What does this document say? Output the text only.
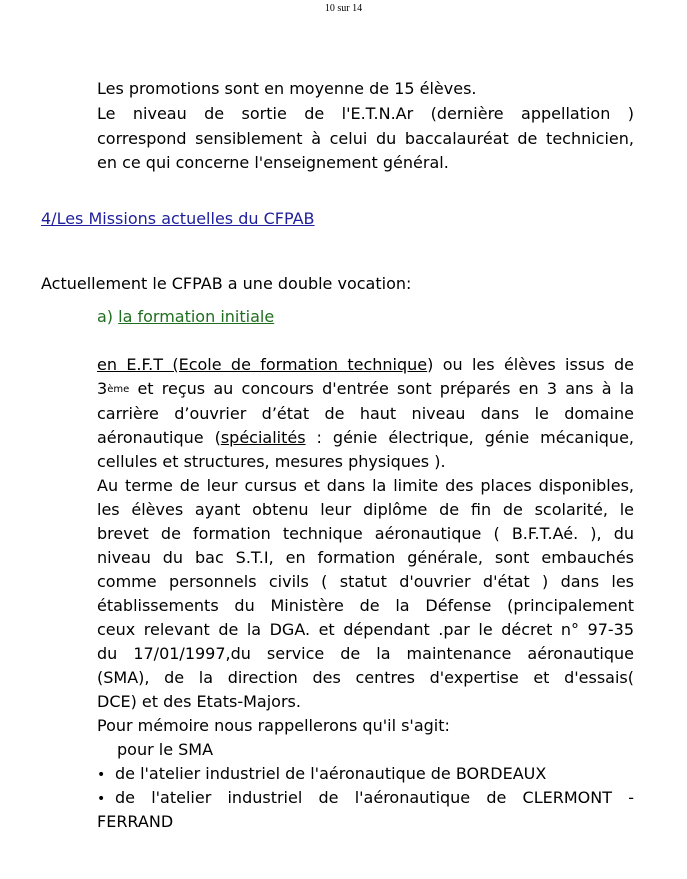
10 sur 14
Les promotions sont en moyenne de 15 élèves.
Le niveau de sortie de l'E.T.N.Ar (dernière appellation )
correspond sensiblement à celui du baccalauréat de technicien,
en ce qui concerne l'enseignement général.
4/Les Missions actuelles du CFPAB
Actuellement le CFPAB a une double vocation:
a) la formation initiale
en E.F.T (Ecole de formation technique) ou les élèves issus de
3ème et reçus au concours d'entrée sont préparés en 3 ans à la
carrière d’ouvrier d’état de haut niveau dans le domaine
aéronautique (spécialités : génie électrique, génie mécanique,
cellules et structures, mesures physiques ).
Au terme de leur cursus et dans la limite des places disponibles,
les élèves ayant obtenu leur diplôme de fin de scolarité, le
brevet de formation technique aéronautique ( B.F.T.Aé. ), du
niveau du bac S.T.I, en formation générale, sont embauchés
comme personnels civils ( statut d'ouvrier d'état ) dans les
établissements du Ministère de la Défense (principalement
ceux relevant de la DGA. et dépendant .par le décret n° 97-35
du 17/01/1997,du service de la maintenance aéronautique
(SMA), de la direction des centres d'expertise et d'essais(
DCE) et des Etats-Majors.
Pour mémoire nous rappellerons qu'il s'agit:
pour le SMA
• de l'atelier industriel de l'aéronautique de BORDEAUX
• de l'atelier industriel de l'aéronautique de CLERMONT -
FERRAND
